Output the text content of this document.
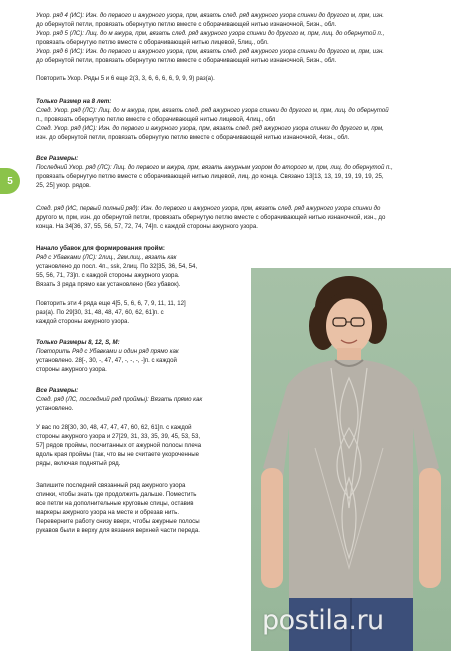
Укор. ряд 4 (ИС): Изн. до первого и ажурного узора, прм, вязать след. ряд ажурного узора спинки до другого м, прм, изн.

до обернутой петли, провязать обернутую петлю вместе с оборачивающей нитью изнаночной, 5изн., обл.

Укор. ряд 5 (ЛС): Лиц. до м ажура, прм, вязать след. ряд ажурного узора спинки до другого м, прм, лиц. до обернутой п.,

провязать обернутую петлю вместе с оборачивающей нитью лицевой, 5лиц., обл.

Укор. ряд 6 (ИС): Изн. до первого и ажурного узора, прм, вязать след. ряд ажурного узора спинки до другого м, прм, изн.

до обернутой петли, провязать обернутую петлю вместе с оборачивающей нитью изнаночной, 5изн., обл.

Повторить Укор. Ряды 5 и 6 еще 2(3, 3, 6, 6, 6, 6, 9, 9, 9) раз(а).

Только Размер на 8 лет:

След. Укор. ряд (ЛС): Лиц. до м ажура, прм, вязать след. ряд ажурного узора спинки до другого м, прм, лиц. до обернутой

п., провязать обернутую петлю вместе с оборачивающей нитью лицевой, 4лиц., обл

След. Укор. ряд (ИС): Изн. до первого и ажурного узора, прм, вязать след. ряд ажурного узора спинки до другого м, прм,

изн. до обернутой петли, провязать обернутую петлю вместе с оборачивающей нитью изнаночной, 4изн., обл.

5

Все Размеры:

Последний Укор. ряд (ЛС): Лиц. до первого м ажура, прм, вязать ажурным узором до второго м, прм, лиц. до обернутой п.,

провязать обернутую петлю вместе с оборачивающей нитью лицевой, лиц. до конца. Связано 13[13, 13, 19, 19, 19, 19, 25,

25, 25] укор. рядов.

След. ряд (ИС, первый полный ряд): Изн. до первого и ажурного узора, прм, вязать след. ряд ажурного узора спинки до

другого м, прм, изн. до обернутой петли, провязать обернутую петлю вместе с оборачивающей нитью изнаночной, изн., до

конца. На 34[36, 37, 55, 56, 57, 72, 74, 74]п. с каждой стороны ажурного узора.

Начало убавок для формирования пройм:

Ряд с Убавками (ЛС): 2лиц., 2вм.лиц., вязать как

установлено до посл. 4п., ssk, 2лиц. По 32[35, 36, 54, 54,

55, 56, 71, 73]п. с каждой стороны ажурного узора.

Вязать 3 ряда прямо как установлено (без убавок).

Повторить эти 4 ряда еще 4[5, 5, 6, 6, 7, 9, 11, 11, 12]

раз(а). По 29[30, 31, 48, 48, 47, 60, 62, 61]п. с

каждой стороны ажурного узора.

Только Размеры 8, 12, S, M:

Повторить Ряд с Убавками и один ряд прямо как

установлено. 28[-, 30, -, 47, 47, -, -, -, -]п. с каждой

стороны ажурного узора.

Все Размеры:

След. ряд (ЛС, последний ряд проймы): Вязать прямо как

установлено.

У вас по 28[30, 30, 48, 47, 47, 47, 60, 62, 61]п. с каждой

стороны ажурного узора и 27[29, 31, 33, 35, 39, 45, 53, 53,

57] рядов проймы, посчитанных от ажурной полосы плеча

вдоль края проймы (так, что вы не считаете укороченные

ряды, включая поднятый ряд.

Запишите последний связанный ряд ажурного узора

спинки, чтобы знать где продолжить дальше. Поместить

все петли на дополнительные круговые спицы, оставив

маркеры ажурного узора на месте и обрезав нить.

Переверните работу снизу вверх, чтобы ажурные полосы

рукавов были в верху для вязания верхней части переда.

postila.ru
